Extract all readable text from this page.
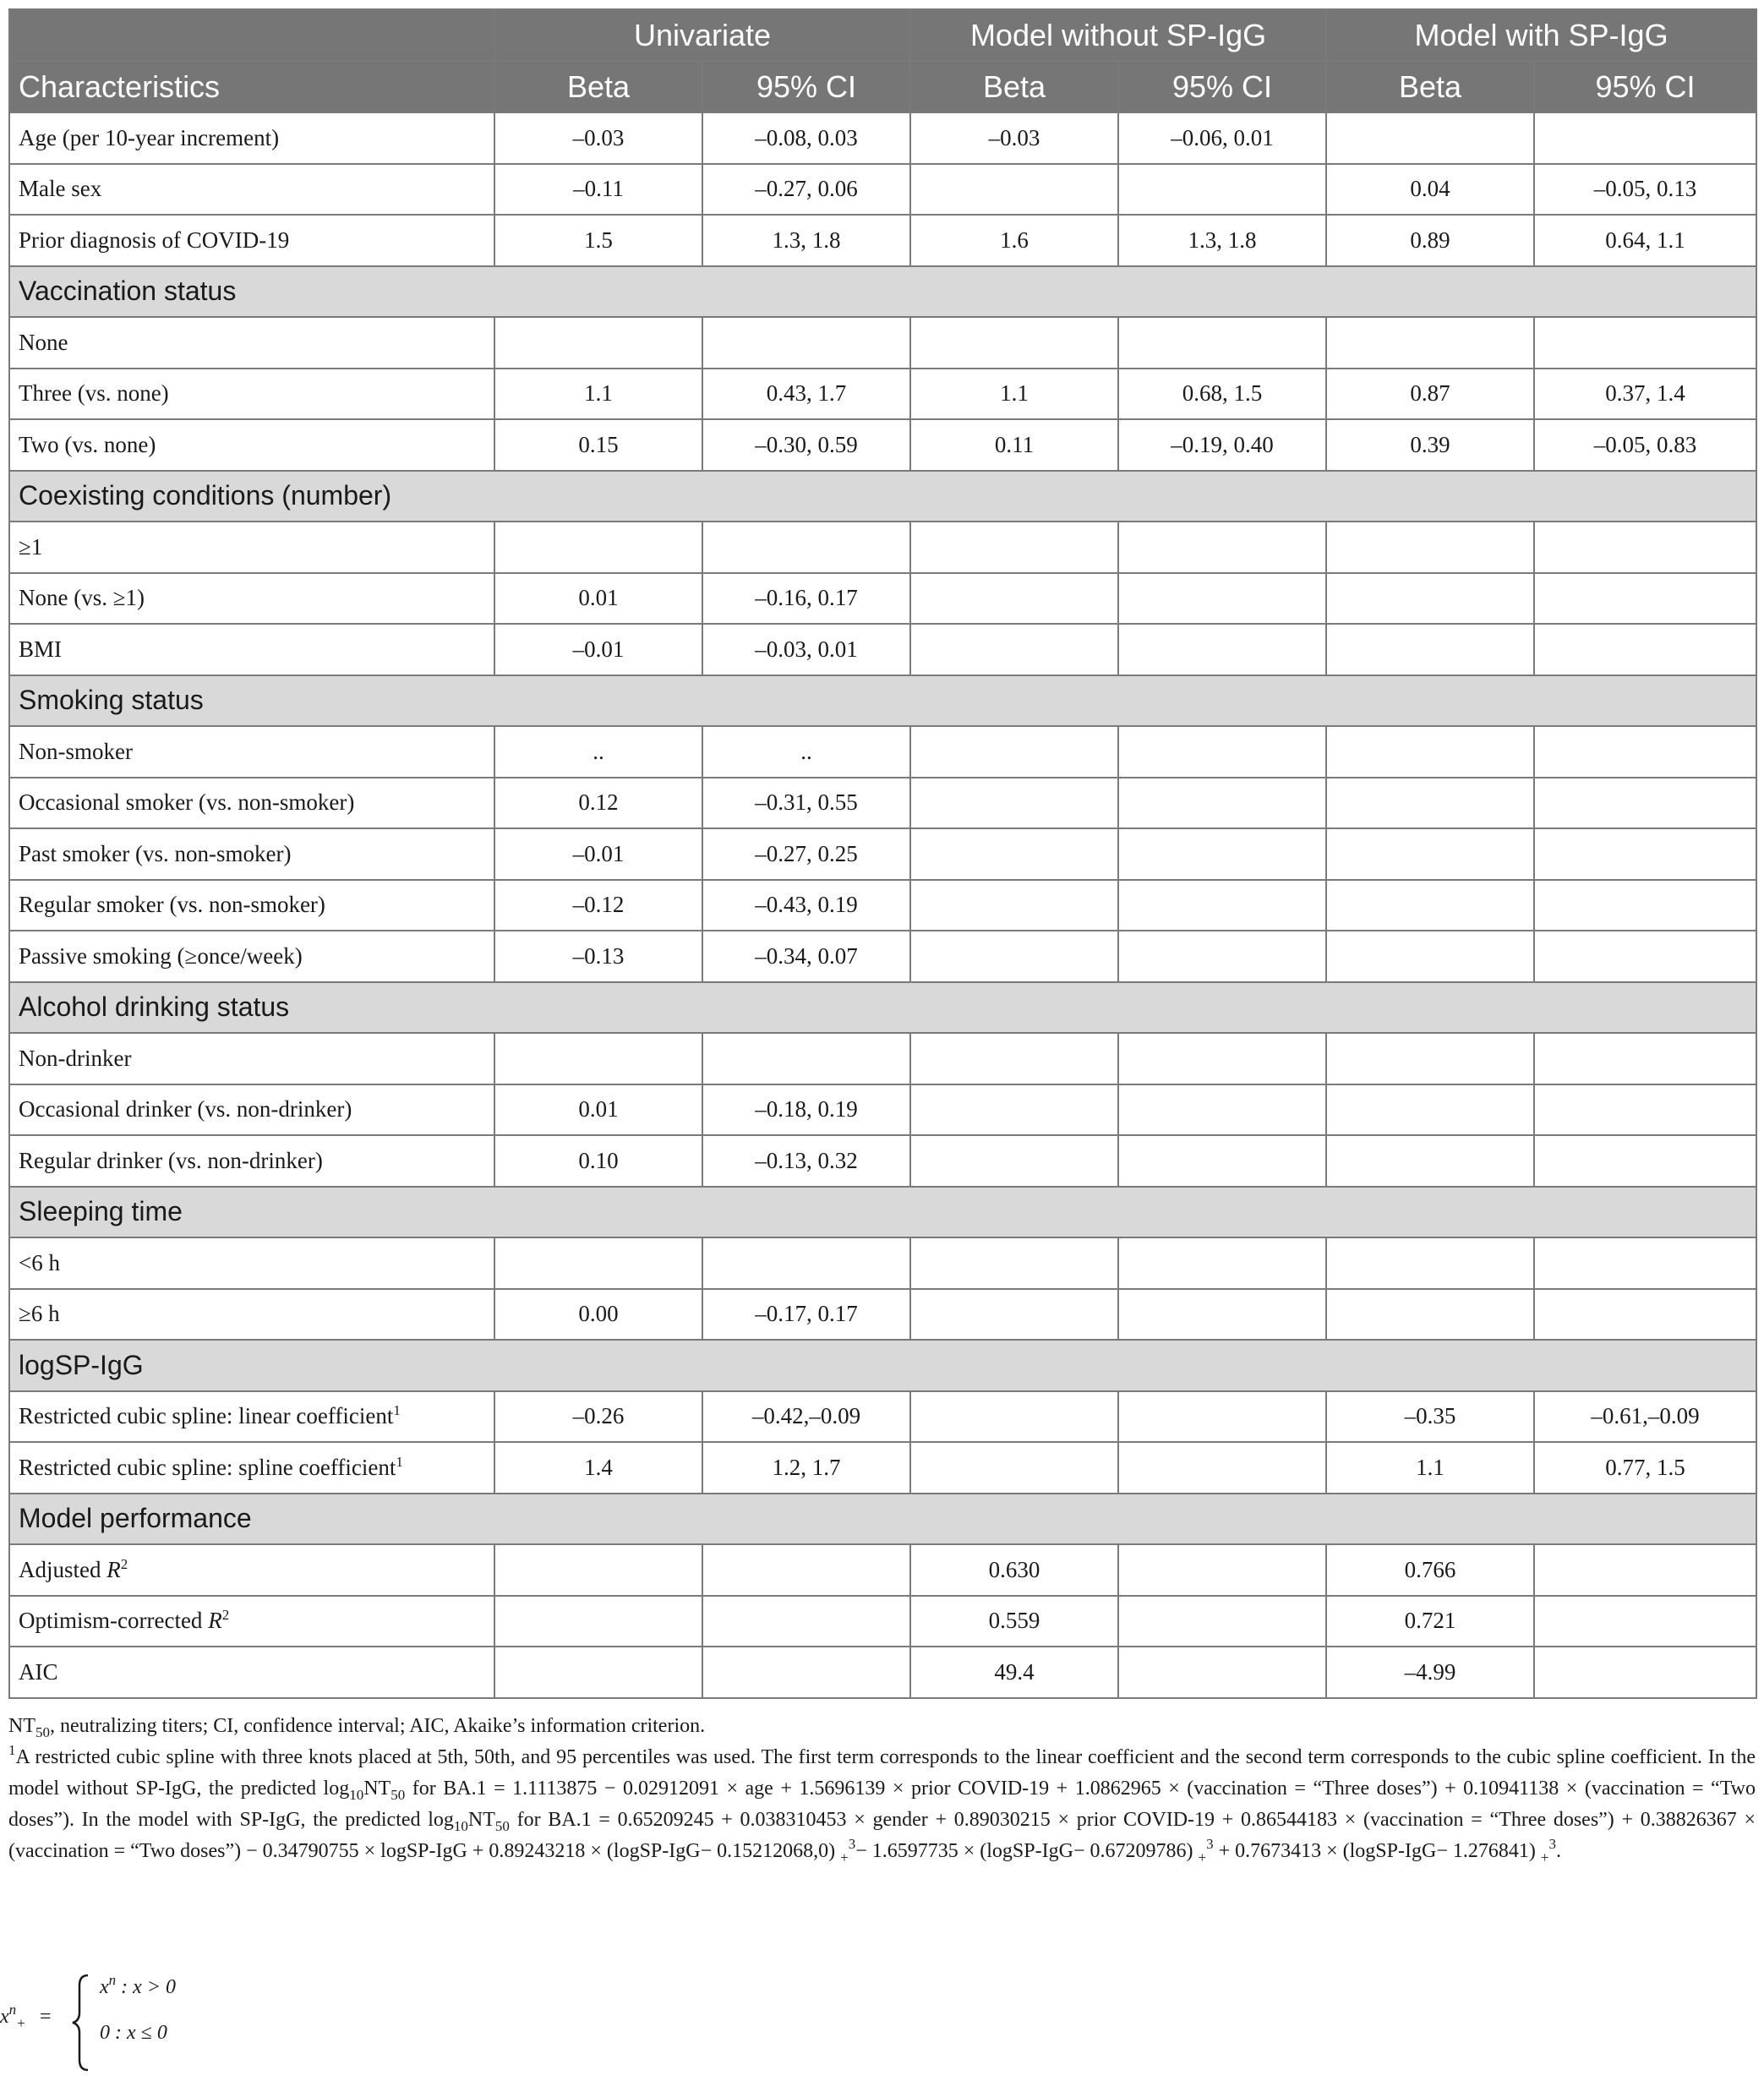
	Univariate		Model without SP-IgG		Model with SP-IgG	
Characteristics	Beta	95% CI	Beta	95% CI	Beta	95% CI
Age (per 10-year increment)	–0.03	–0.08, 0.03	–0.03	–0.06, 0.01		
Male sex	–0.11	–0.27, 0.06			0.04	–0.05, 0.13
Prior diagnosis of COVID-19	1.5	1.3, 1.8	1.6	1.3, 1.8	0.89	0.64, 1.1
Vaccination status						
None						
Three (vs. none)	1.1	0.43, 1.7	1.1	0.68, 1.5	0.87	0.37, 1.4
Two (vs. none)	0.15	–0.30, 0.59	0.11	–0.19, 0.40	0.39	–0.05, 0.83
Coexisting conditions (number)						
≥1						
None (vs. ≥1)	0.01	–0.16, 0.17				
BMI	–0.01	–0.03, 0.01				
Smoking status						
Non-smoker	..	..				
Occasional smoker (vs. non-smoker)	0.12	–0.31, 0.55				
Past smoker (vs. non-smoker)	–0.01	–0.27, 0.25				
Regular smoker (vs. non-smoker)	–0.12	–0.43, 0.19				
Passive smoking (≥once/week)	–0.13	–0.34, 0.07				
Alcohol drinking status						
Non-drinker						
Occasional drinker (vs. non-drinker)	0.01	–0.18, 0.19				
Regular drinker (vs. non-drinker)	0.10	–0.13, 0.32				
Sleeping time						
<6 h						
≥6 h	0.00	–0.17, 0.17				
logSP-IgG						
Restricted cubic spline: linear coefficient$^1$	–0.26	–0.42,–0.09			–0.35	–0.61,–0.09
Restricted cubic spline: spline coefficient$^1$	1.4	1.2, 1.7			1.1	0.77, 1.5
Model performance						
Adjusted $R^2$			0.630		0.766	
Optimism-corrected $R^2$			0.559		0.721	
AIC			49.4		–4.99	

$NT_{50}$, neutralizing titers; CI, confidence interval; AIC, Akaike’s information criterion.

$^1$A restricted cubic spline with three knots placed at 5th, 50th, and 95 percentiles was used. The first term corresponds to the linear coefficient and the second term corresponds to the cubic spline coefficient. In the model without SP-IgG, the predicted $\log_{10}NT_{50}$ for BA.1 = 1.1113875 − 0.02912091 × age + 1.5696139 × prior COVID-19 + 1.0862965 × (vaccination = “Three doses”) + 0.10941138 × (vaccination = “Two doses”). In the model with SP-IgG, the predicted $\log_{10}NT_{50}$ for BA.1 = 0.65209245 + 0.038310453 × gender + 0.89030215 × prior COVID-19 + 0.86544183 × (vaccination = “Three doses”) + 0.38826367 × (vaccination = “Two doses”) − 0.34790755 × logSP-IgG + 0.89243218 × (logSP-IgG− 0.15212068,0) $_+^3$− 1.6597735 × (logSP-IgG− 0.67209786) $_+^3$ + 0.7673413 × (logSP-IgG− 1.276841) $_+^3$.

$x^n_+$ =
$x^n$ : x > 0
0 : x ≤ 0
